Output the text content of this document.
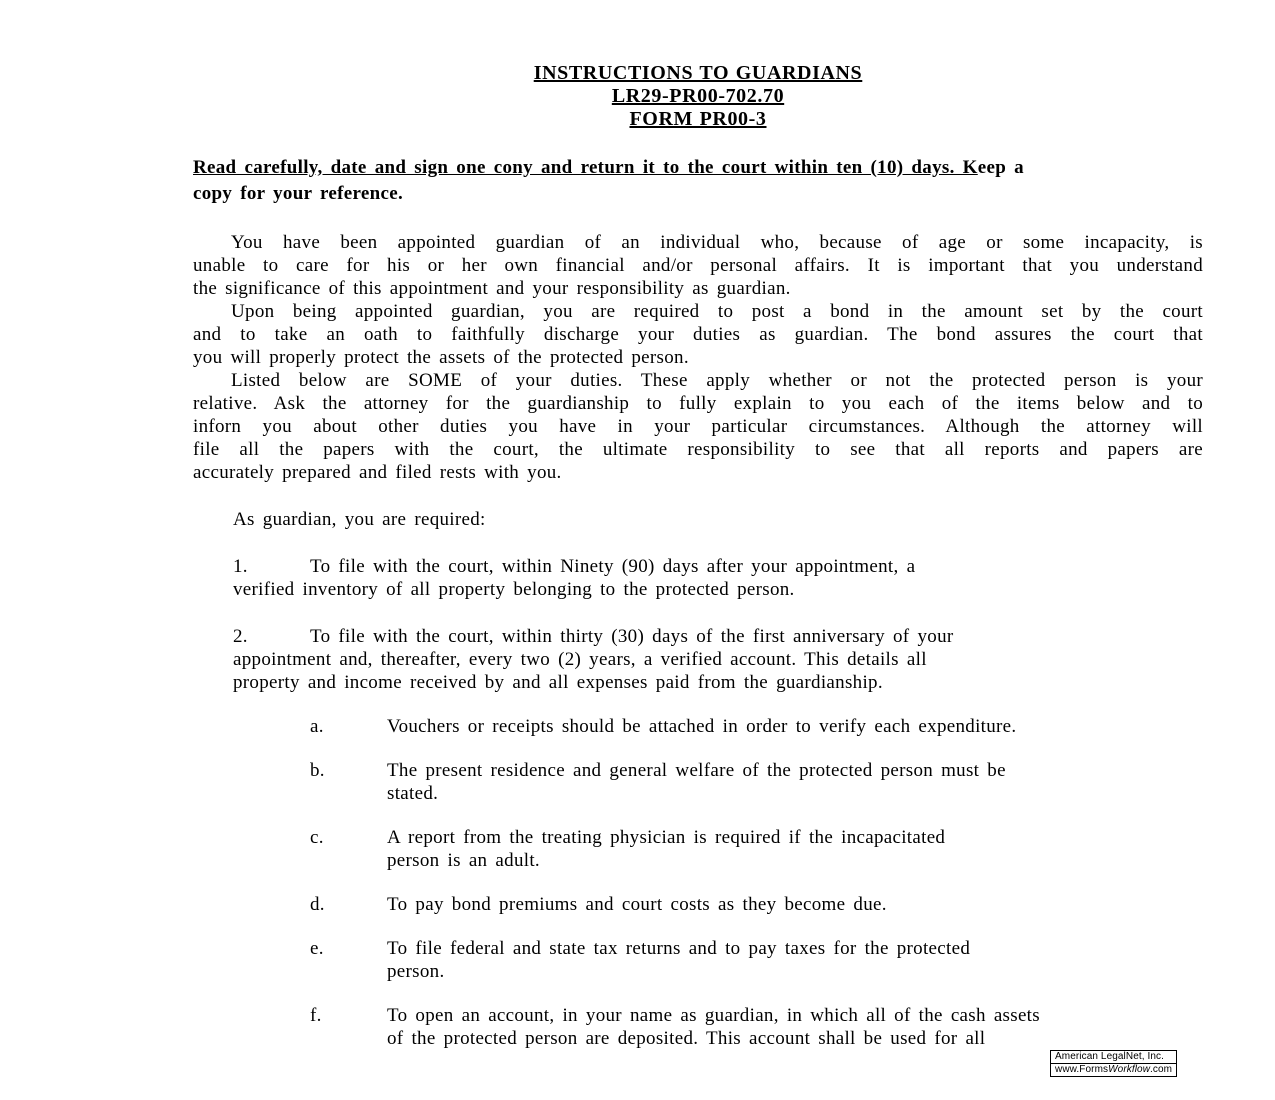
INSTRUCTIONS TO GUARDIANS
LR29-PR00-702.70
FORM PR00-3
Read carefully, date and sign one cony and return it to the court within ten (10) days. Keep a
copy for your reference.
You have been appointed guardian of an individual who, because of age or some incapacity, is
unable to care for his or her own financial and/or personal affairs. It is important that you understand
the significance of this appointment and your responsibility as guardian.
Upon being appointed guardian, you are required to post a bond in the amount set by the court
and to take an oath to faithfully discharge your duties as guardian. The bond assures the court that
you will properly protect the assets of the protected person.
Listed below are SOME of your duties. These apply whether or not the protected person is your
relative. Ask the attorney for the guardianship to fully explain to you each of the items below and to
inforn you about other duties you have in your particular circumstances. Although the attorney will
file all the papers with the court, the ultimate responsibility to see that all reports and papers are
accurately prepared and filed rests with you.
As guardian, you are required:
1.	To file with the court, within Ninety (90) days after your appointment, a
verified inventory of all property belonging to the protected person.
2.	To file with the court, within thirty (30) days of the first anniversary of your
appointment and, thereafter, every two (2) years, a verified account. This details all
property and income received by and all expenses paid from the guardianship.
a.	Vouchers or receipts should be attached in order to verify each expenditure.
b.	The present residence and general welfare of the protected person must be
stated.
c.	A report from the treating physician is required if the incapacitated
person is an adult.
d.	To pay bond premiums and court costs as they become due.
e.	To file federal and state tax returns and to pay taxes for the protected
person.
f.	To open an account, in your name as guardian, in which all of the cash assets
of the protected person are deposited. This account shall be used for all
American LegalNet, Inc.
www.FormsWorkflow.com
